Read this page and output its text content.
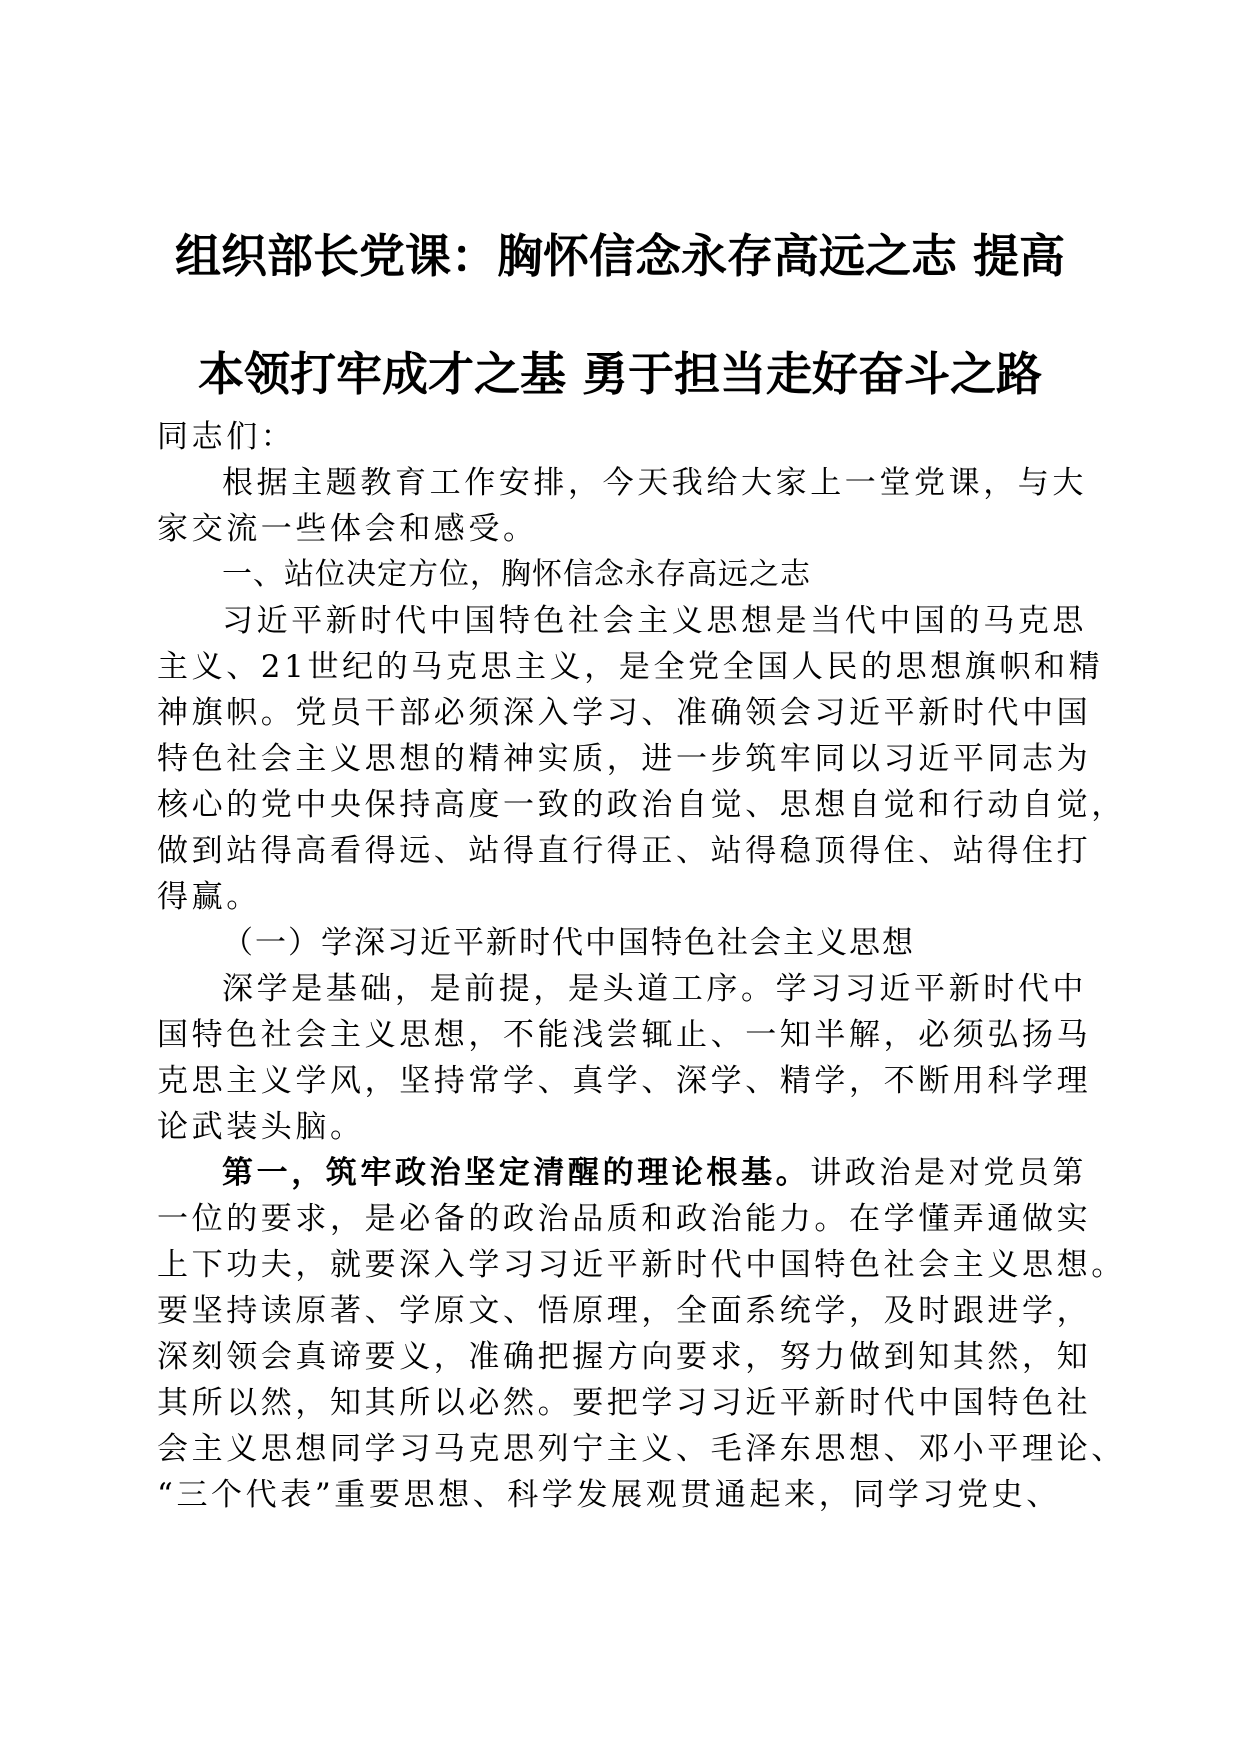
组织部长党课：胸怀信念永存高远之志 提高
本领打牢成才之基 勇于担当走好奋斗之路
同志们：
根据主题教育工作安排，今天我给大家上一堂党课，与大
家交流一些体会和感受。
一、站位决定方位，胸怀信念永存高远之志
习近平新时代中国特色社会主义思想是当代中国的马克思
主义、21世纪的马克思主义，是全党全国人民的思想旗帜和精
神旗帜。党员干部必须深入学习、准确领会习近平新时代中国
特色社会主义思想的精神实质，进一步筑牢同以习近平同志为
核心的党中央保持高度一致的政治自觉、思想自觉和行动自觉，
做到站得高看得远、站得直行得正、站得稳顶得住、站得住打
得赢。
（一）学深习近平新时代中国特色社会主义思想
深学是基础，是前提，是头道工序。学习习近平新时代中
国特色社会主义思想，不能浅尝辄止、一知半解，必须弘扬马
克思主义学风，坚持常学、真学、深学、精学，不断用科学理
论武装头脑。
第一，筑牢政治坚定清醒的理论根基。讲政治是对党员第
一位的要求，是必备的政治品质和政治能力。在学懂弄通做实
上下功夫，就要深入学习习近平新时代中国特色社会主义思想。
要坚持读原著、学原文、悟原理，全面系统学，及时跟进学，
深刻领会真谛要义，准确把握方向要求，努力做到知其然，知
其所以然，知其所以必然。要把学习习近平新时代中国特色社
会主义思想同学习马克思列宁主义、毛泽东思想、邓小平理论、
“三个代表”重要思想、科学发展观贯通起来，同学习党史、
